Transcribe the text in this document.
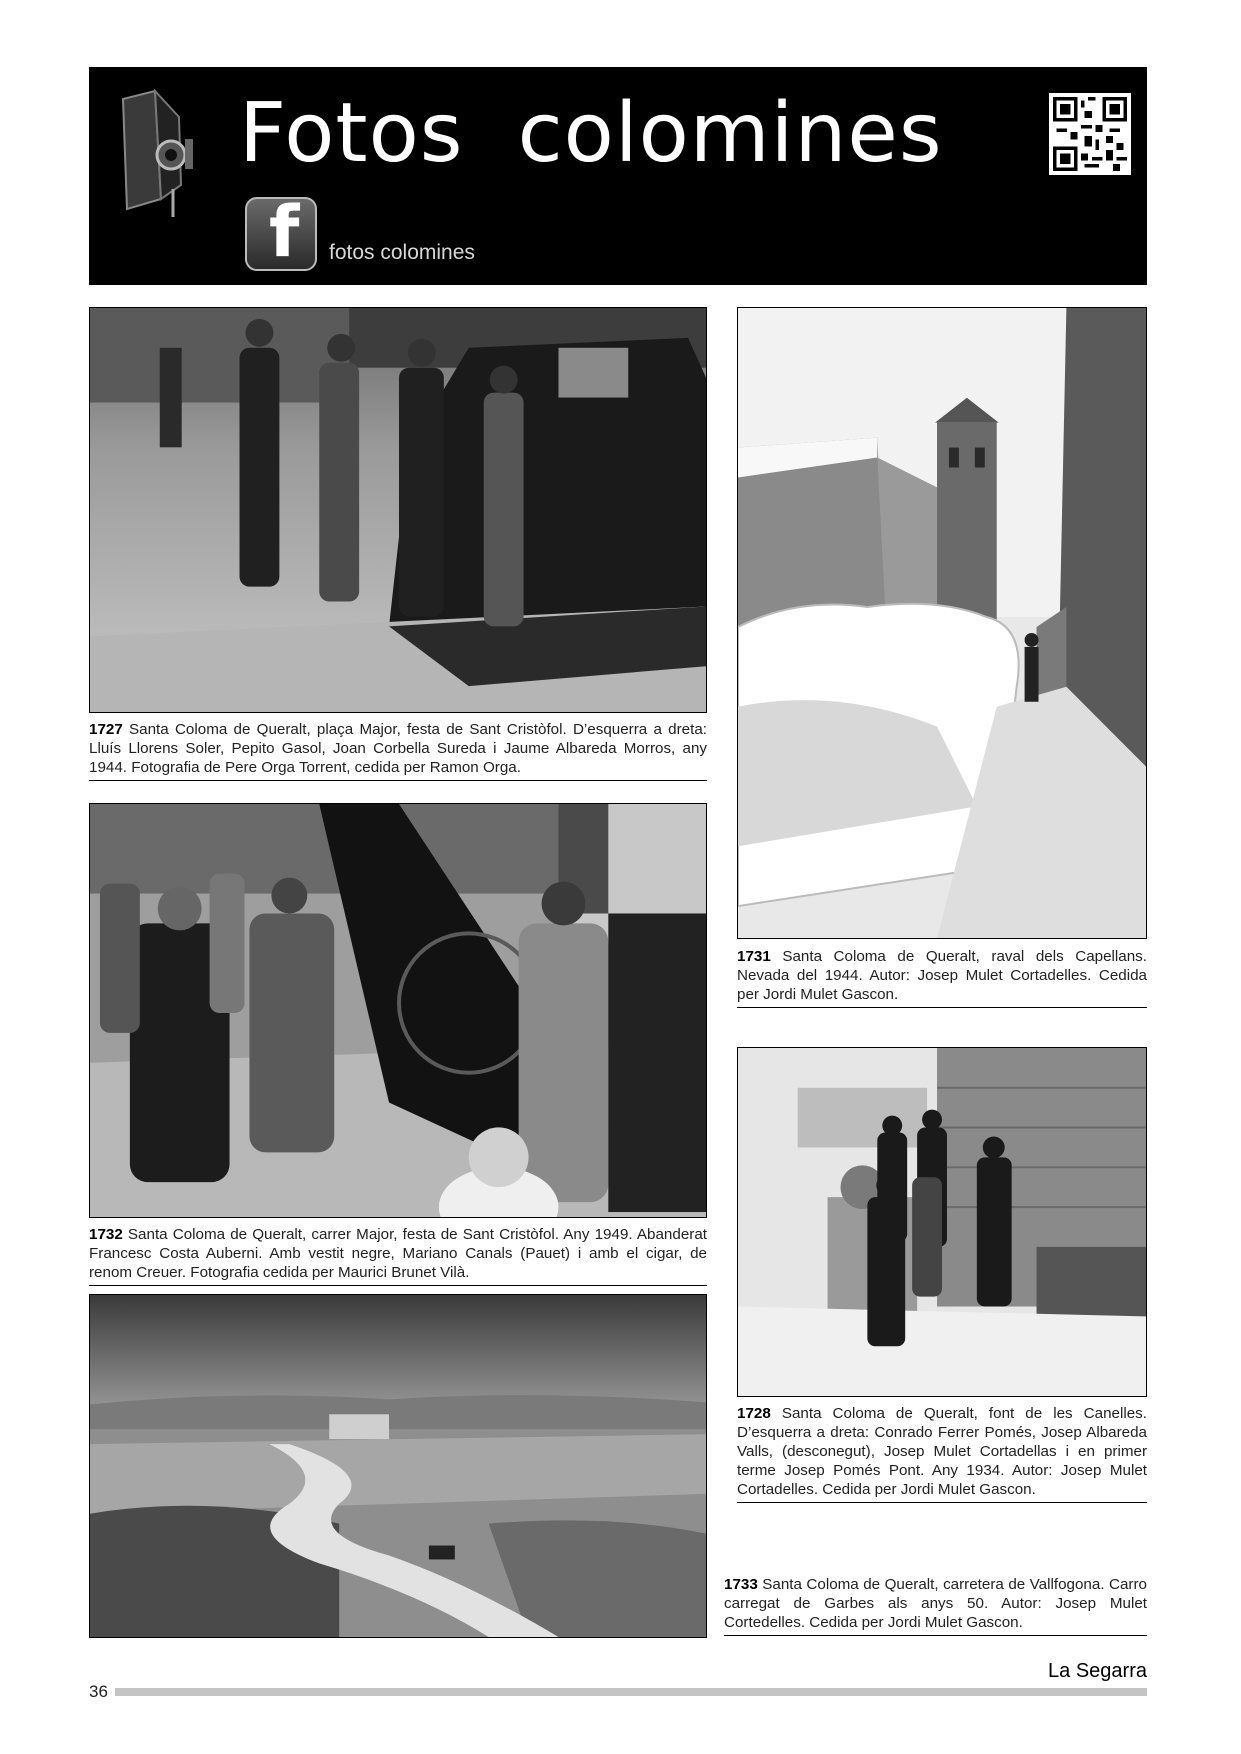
Fotos  colomines
f fotos colomines
1727 Santa Coloma de Queralt, plaça Major, festa de Sant Cristòfol. D’esquerra a dreta: Lluís Llorens Soler, Pepito Gasol, Joan Corbella Sureda i Jaume Albareda Morros, any 1944. Fotografia de Pere Orga Torrent, cedida per Ramon Orga.
1731 Santa Coloma de Queralt, raval dels Capellans. Nevada del 1944. Autor: Josep Mulet Cortadelles. Cedida per Jordi Mulet Gascon.
1732 Santa Coloma de Queralt, carrer Major, festa de Sant Cristòfol. Any 1949. Abanderat Francesc Costa Auberni. Amb vestit negre, Mariano Canals (Pauet) i amb el cigar, de renom Creuer. Fotografia cedida per Maurici Brunet Vilà.
1728 Santa Coloma de Queralt, font de les Canelles. D’esquerra a dreta: Conrado Ferrer Pomés, Josep Albareda Valls, (desconegut), Josep Mulet Cortadellas i en primer terme Josep Pomés Pont. Any 1934. Autor: Josep Mulet Cortadelles. Cedida per Jordi Mulet Gascon.
1733 Santa Coloma de Queralt, carretera de Vallfogona. Carro carregat de Garbes als anys 50. Autor: Josep Mulet Cortedelles. Cedida per Jordi Mulet Gascon.
36
La Segarra
